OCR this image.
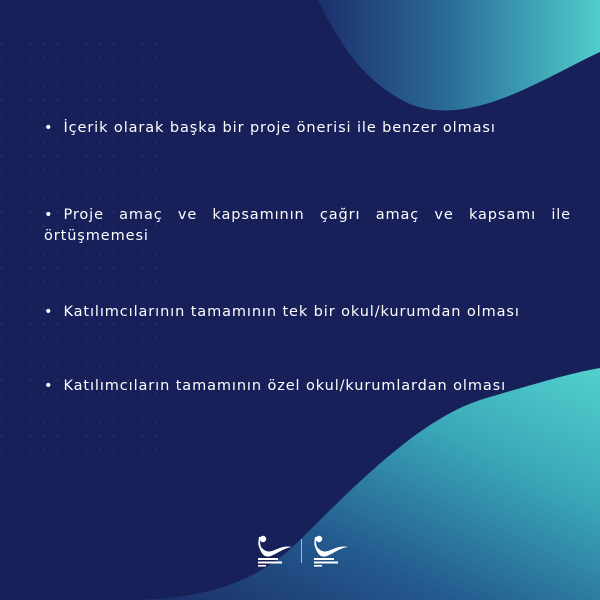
• İçerik olarak başka bir proje önerisi ile benzer olması
• Proje amaç ve kapsamının çağrı amaç ve kapsamı ile örtüşmemesi
• Katılımcılarının tamamının tek bir okul/kurumdan olması
• Katılımcıların tamamının özel okul/kurumlardan olması
